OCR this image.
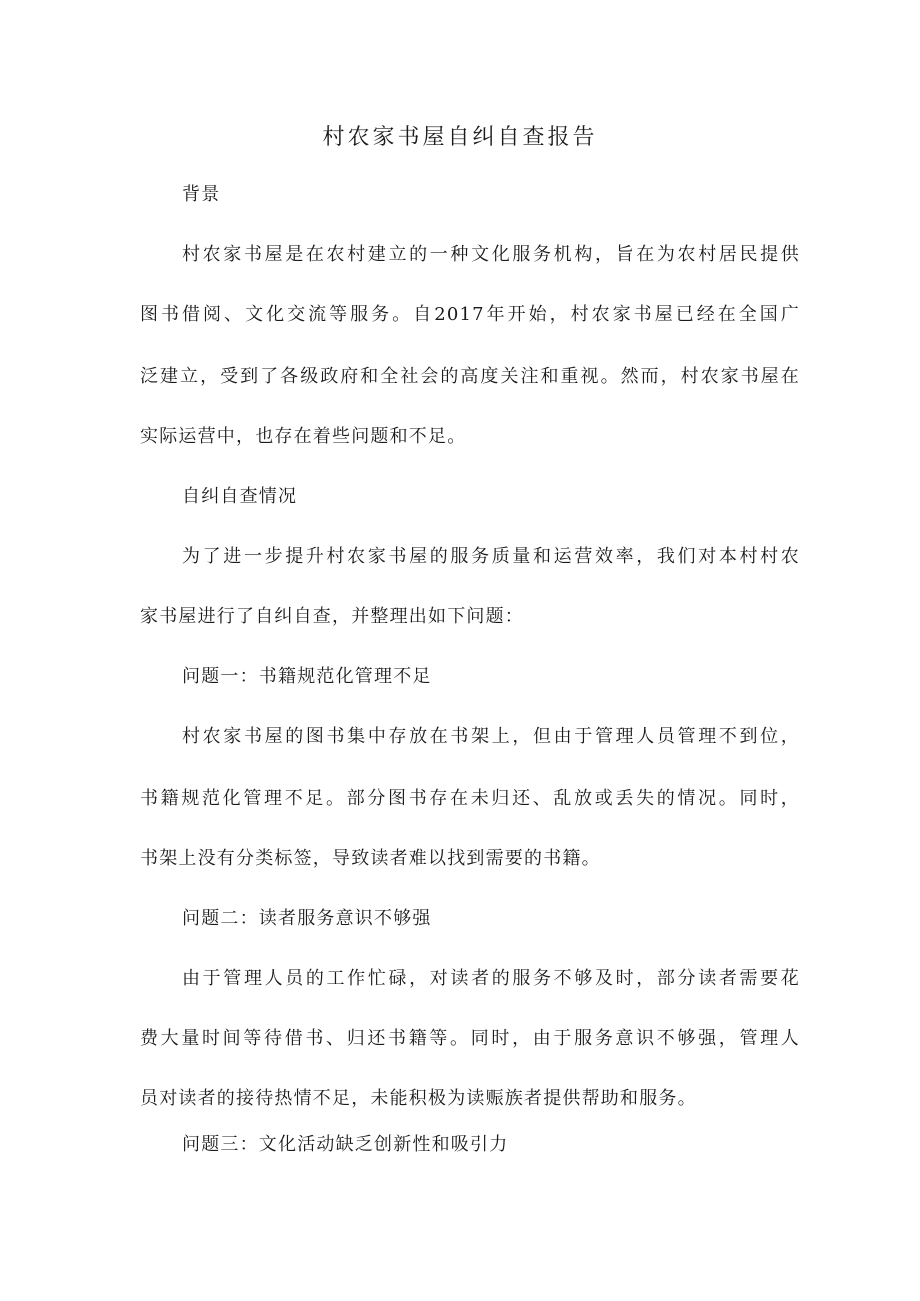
村农家书屋自纠自查报告
背景
村农家书屋是在农村建立的一种文化服务机构，旨在为农村居民提供
图书借阅、文化交流等服务。自2017年开始，村农家书屋已经在全国广
泛建立，受到了各级政府和全社会的高度关注和重视。然而，村农家书屋在
实际运营中，也存在着些问题和不足。
自纠自查情况
为了进一步提升村农家书屋的服务质量和运营效率，我们对本村村农
家书屋进行了自纠自查，并整理出如下问题：
问题一：书籍规范化管理不足
村农家书屋的图书集中存放在书架上，但由于管理人员管理不到位，
书籍规范化管理不足。部分图书存在未归还、乱放或丢失的情况。同时，
书架上没有分类标签，导致读者难以找到需要的书籍。
问题二：读者服务意识不够强
由于管理人员的工作忙碌，对读者的服务不够及时，部分读者需要花
费大量时间等待借书、归还书籍等。同时，由于服务意识不够强，管理人
员对读者的接待热情不足，未能积极为读赈族者提供帮助和服务。
问题三：文化活动缺乏创新性和吸引力
